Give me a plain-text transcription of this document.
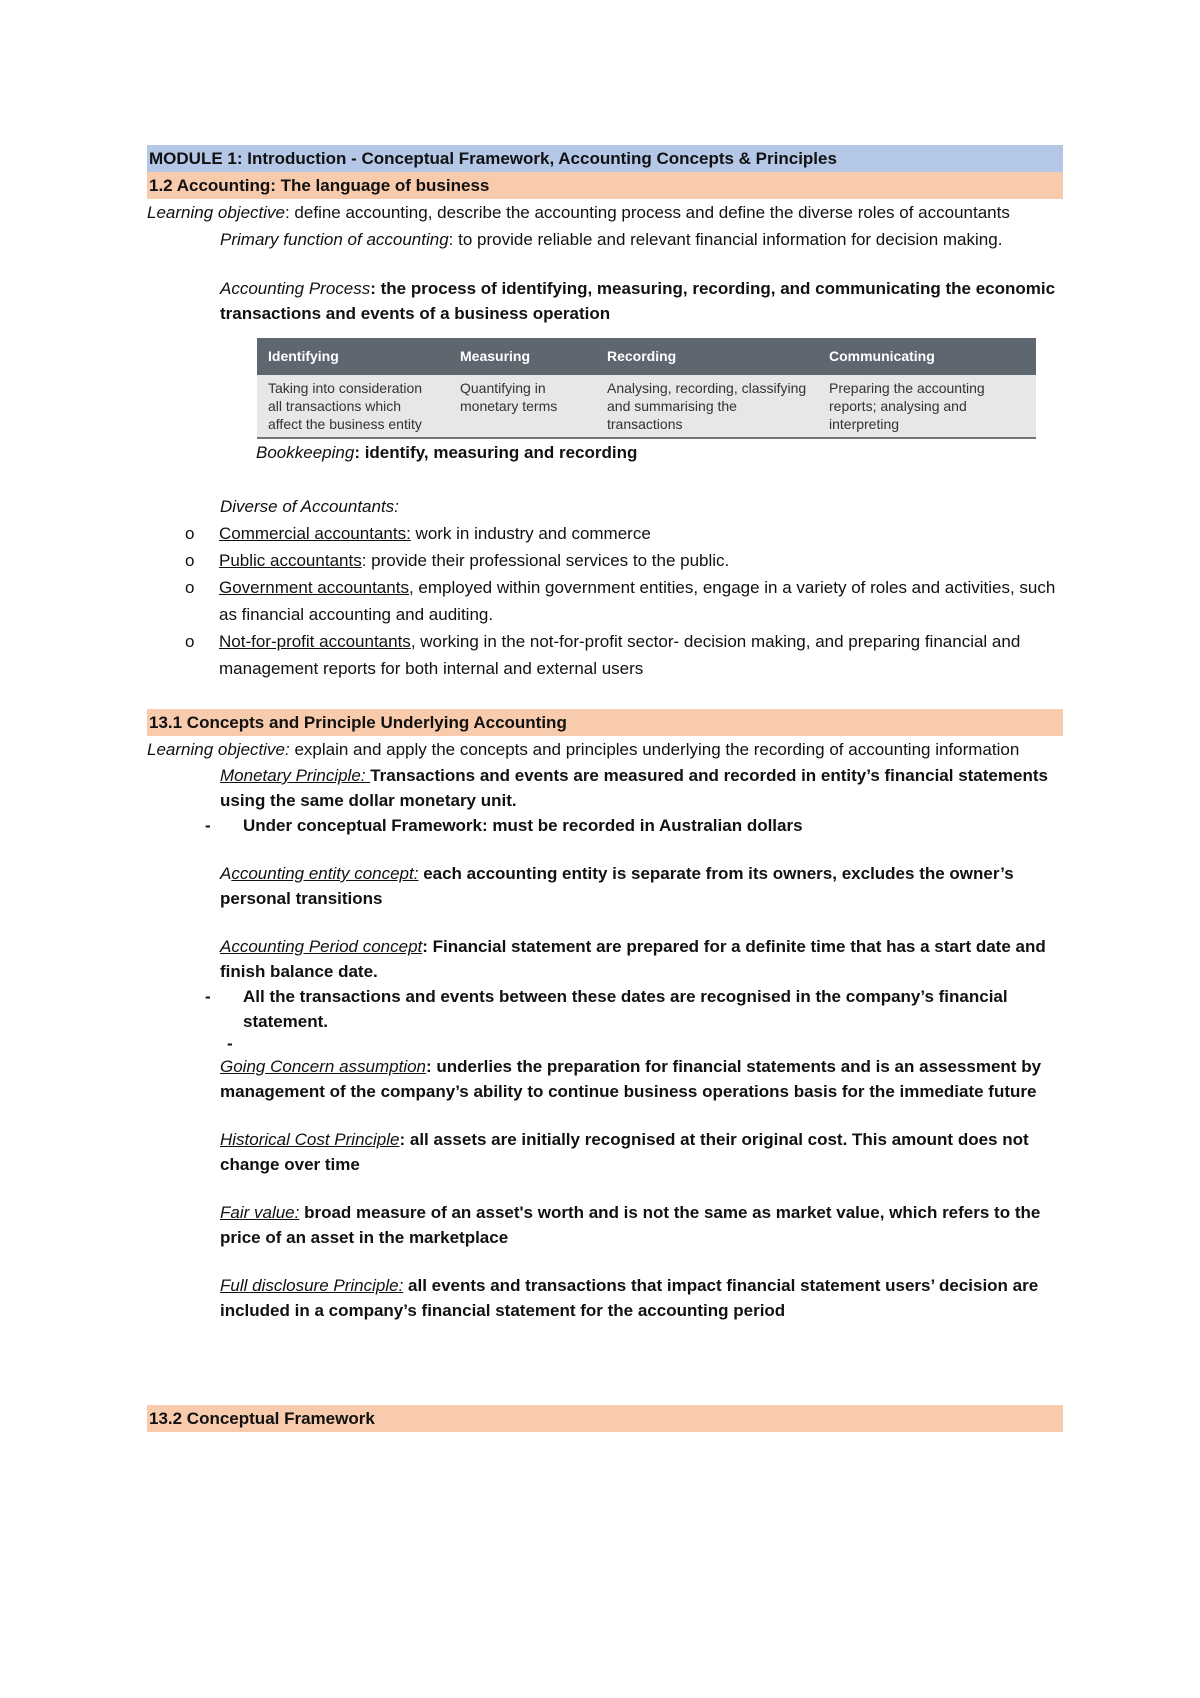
MODULE 1: Introduction - Conceptual Framework, Accounting Concepts & Principles
1.2 Accounting: The language of business
Learning objective: define accounting, describe the accounting process and define the diverse roles of accountants
Primary function of accounting: to provide reliable and relevant financial information for decision making.
Accounting Process: the process of identifying, measuring, recording, and communicating the economic transactions and events of a business operation
Identifying	Measuring	Recording	Communicating
Taking into consideration all transactions which affect the business entity	Quantifying in monetary terms	Analysing, recording, classifying and summarising the transactions	Preparing the accounting reports; analysing and interpreting
Bookkeeping: identify, measuring and recording
Diverse of Accountants:
o Commercial accountants: work in industry and commerce
o Public accountants: provide their professional services to the public.
o Government accountants, employed within government entities, engage in a variety of roles and activities, such as financial accounting and auditing.
o Not-for-profit accountants, working in the not-for-profit sector- decision making, and preparing financial and management reports for both internal and external users
13.1 Concepts and Principle Underlying Accounting
Learning objective: explain and apply the concepts and principles underlying the recording of accounting information
Monetary Principle: Transactions and events are measured and recorded in entity’s financial statements using the same dollar monetary unit.
- Under conceptual Framework: must be recorded in Australian dollars
Accounting entity concept: each accounting entity is separate from its owners, excludes the owner’s personal transitions
Accounting Period concept: Financial statement are prepared for a definite time that has a start date and finish balance date.
- All the transactions and events between these dates are recognised in the company’s financial statement.
-
Going Concern assumption: underlies the preparation for financial statements and is an assessment by management of the company’s ability to continue business operations basis for the immediate future
Historical Cost Principle: all assets are initially recognised at their original cost. This amount does not change over time
Fair value: broad measure of an asset's worth and is not the same as market value, which refers to the price of an asset in the marketplace
Full disclosure Principle: all events and transactions that impact financial statement users’ decision are included in a company’s financial statement for the accounting period
13.2 Conceptual Framework
